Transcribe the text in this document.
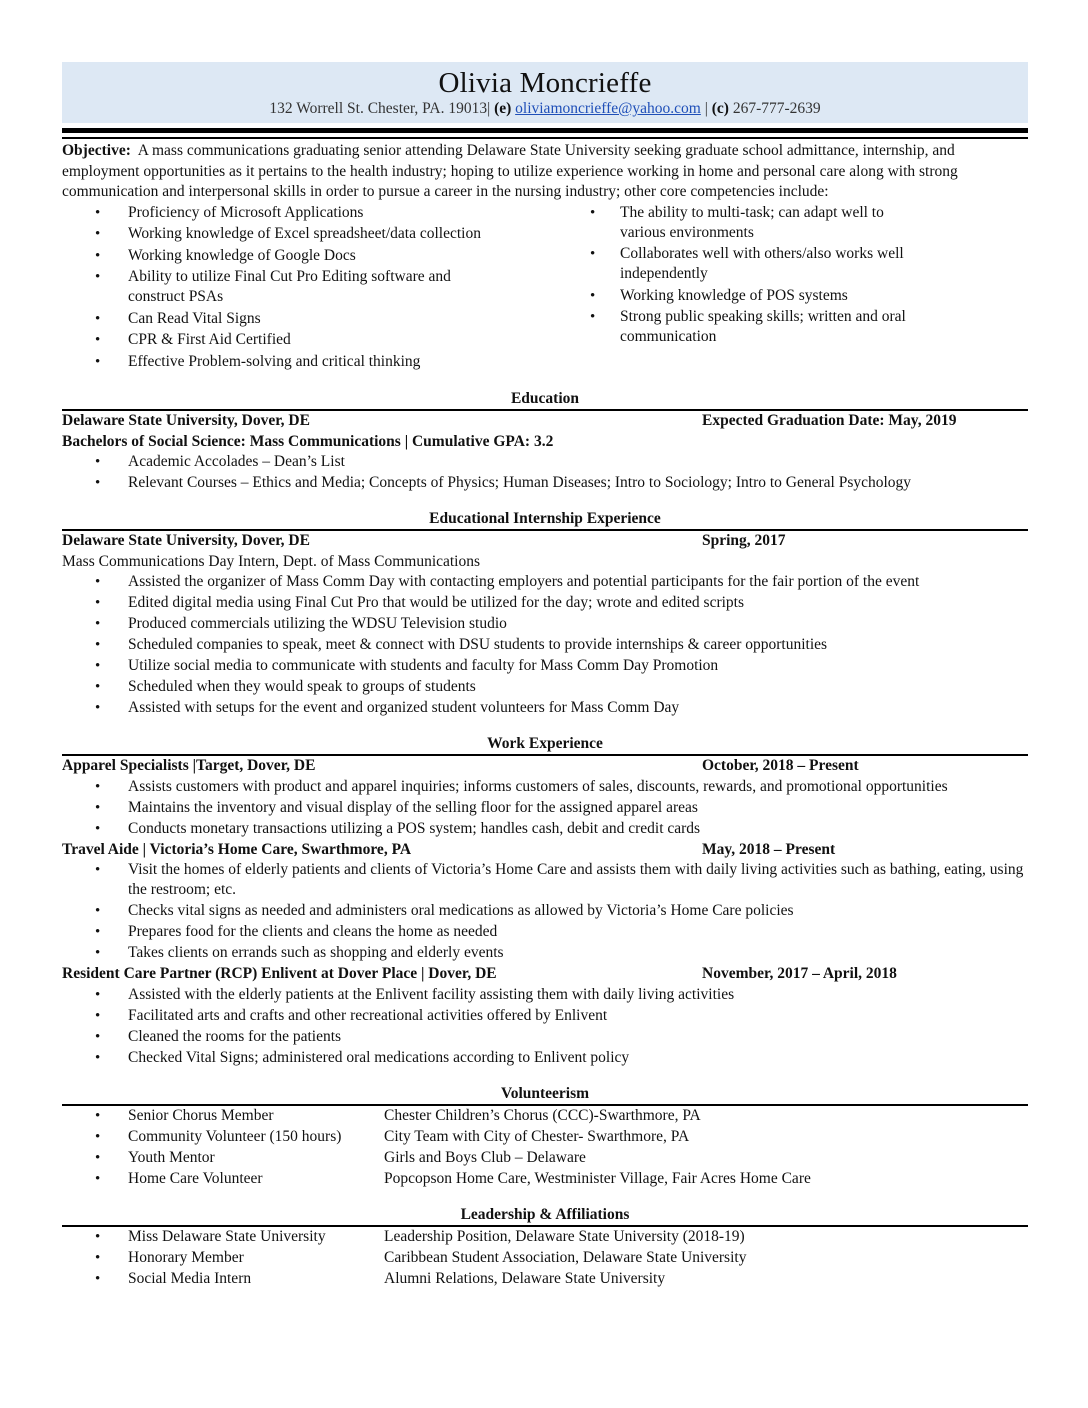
Olivia Moncrieffe
132 Worrell St. Chester, PA. 19013| (e) oliviamoncrieffe@yahoo.com | (c) 267-777-2639
Objective: A mass communications graduating senior attending Delaware State University seeking graduate school admittance, internship, and employment opportunities as it pertains to the health industry; hoping to utilize experience working in home and personal care along with strong communication and interpersonal skills in order to pursue a career in the nursing industry; other core competencies include:
• Proficiency of Microsoft Applications
• Working knowledge of Excel spreadsheet/data collection
• Working knowledge of Google Docs
• Ability to utilize Final Cut Pro Editing software and construct PSAs
• Can Read Vital Signs
• CPR & First Aid Certified
• Effective Problem-solving and critical thinking
• The ability to multi-task; can adapt well to various environments
• Collaborates well with others/also works well independently
• Working knowledge of POS systems
• Strong public speaking skills; written and oral communication
Education
Delaware State University, Dover, DE	Expected Graduation Date: May, 2019
Bachelors of Social Science: Mass Communications | Cumulative GPA: 3.2
• Academic Accolades – Dean’s List
• Relevant Courses – Ethics and Media; Concepts of Physics; Human Diseases; Intro to Sociology; Intro to General Psychology
Educational Internship Experience
Delaware State University, Dover, DE	Spring, 2017
Mass Communications Day Intern, Dept. of Mass Communications
• Assisted the organizer of Mass Comm Day with contacting employers and potential participants for the fair portion of the event
• Edited digital media using Final Cut Pro that would be utilized for the day; wrote and edited scripts
• Produced commercials utilizing the WDSU Television studio
• Scheduled companies to speak, meet & connect with DSU students to provide internships & career opportunities
• Utilize social media to communicate with students and faculty for Mass Comm Day Promotion
• Scheduled when they would speak to groups of students
• Assisted with setups for the event and organized student volunteers for Mass Comm Day
Work Experience
Apparel Specialists |Target, Dover, DE	October, 2018 – Present
• Assists customers with product and apparel inquiries; informs customers of sales, discounts, rewards, and promotional opportunities
• Maintains the inventory and visual display of the selling floor for the assigned apparel areas
• Conducts monetary transactions utilizing a POS system; handles cash, debit and credit cards
Travel Aide | Victoria’s Home Care, Swarthmore, PA	May, 2018 – Present
• Visit the homes of elderly patients and clients of Victoria’s Home Care and assists them with daily living activities such as bathing, eating, using the restroom; etc.
• Checks vital signs as needed and administers oral medications as allowed by Victoria’s Home Care policies
• Prepares food for the clients and cleans the home as needed
• Takes clients on errands such as shopping and elderly events
Resident Care Partner (RCP) Enlivent at Dover Place | Dover, DE	November, 2017 – April, 2018
• Assisted with the elderly patients at the Enlivent facility assisting them with daily living activities
• Facilitated arts and crafts and other recreational activities offered by Enlivent
• Cleaned the rooms for the patients
• Checked Vital Signs; administered oral medications according to Enlivent policy
Volunteerism
• Senior Chorus Member	Chester Children’s Chorus (CCC)-Swarthmore, PA
• Community Volunteer (150 hours)	City Team with City of Chester- Swarthmore, PA
• Youth Mentor	Girls and Boys Club – Delaware
• Home Care Volunteer	Popcopson Home Care, Westminister Village, Fair Acres Home Care
Leadership & Affiliations
• Miss Delaware State University	Leadership Position, Delaware State University (2018-19)
• Honorary Member	Caribbean Student Association, Delaware State University
• Social Media Intern	Alumni Relations, Delaware State University
